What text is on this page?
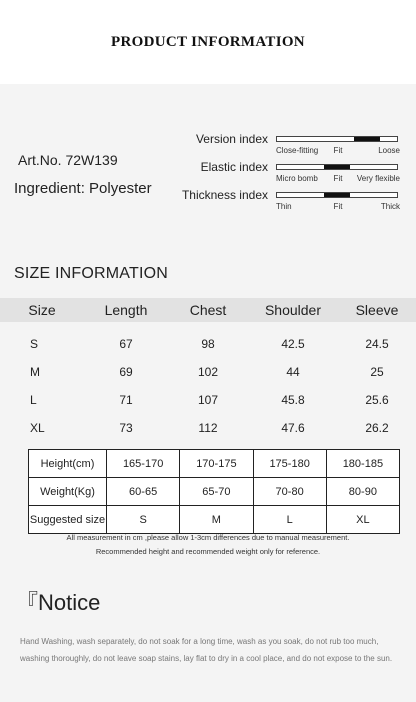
PRODUCT INFORMATION
Art.No. 72W139
Ingredient: Polyester
Version index
Close-fitting Fit	Loose
Elastic index
Micro bomb Fit Very flexible
Thickness index
Thin	Fit	Thick
SIZE INFORMATION
Size	Length	Chest	Shoulder	Sleeve
S	67	98	42.5	24.5
M	69	102	44	25
L	71	107	45.8	25.6
XL	73	112	47.6	26.2
Height(cm)	165-170	170-175	175-180	180-185
Weight(Kg)	60-65	65-70	70-80	80-90
Suggested size	S	M	L	XL
All measurement in cm ,please allow 1-3cm differences due to manual measurement.
Recommended height and recommended weight only for reference.
『Notice
Hand Washing, wash separately, do not soak for a long time, wash as you soak, do not rub too much, washing thoroughly, do not leave soap stains, lay flat to dry in a cool place, and do not expose to the sun.
